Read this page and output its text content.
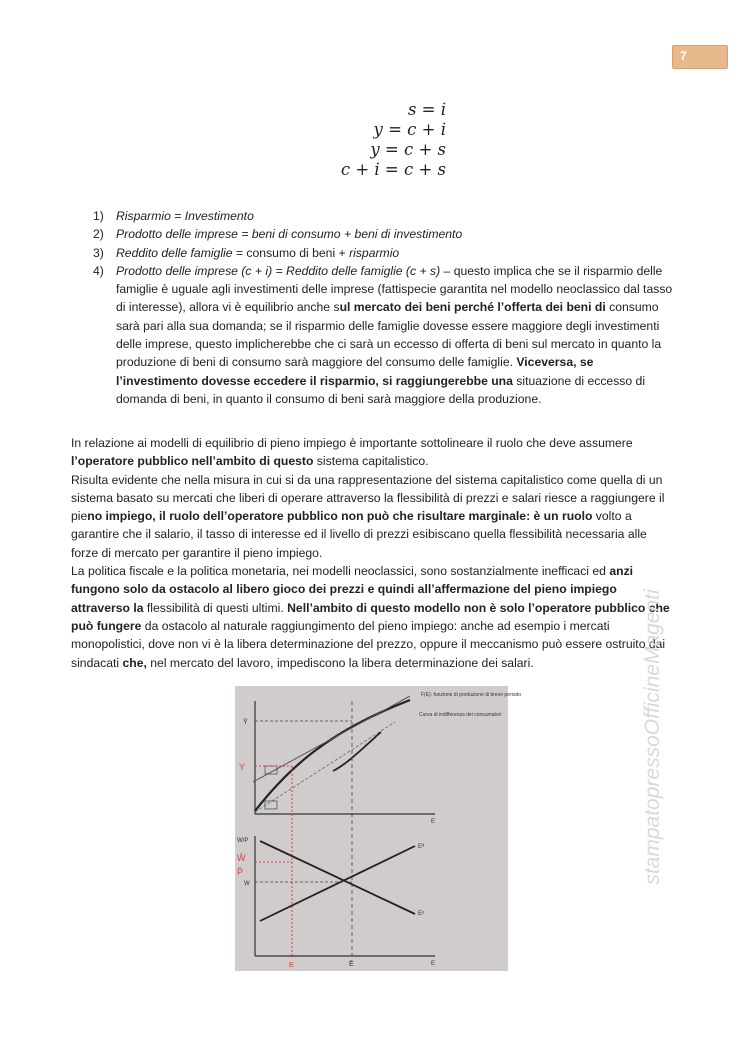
7
s = i
y = c + i
y = c + s
c + i = c + s
1) Risparmio = Investimento
2) Prodotto delle imprese = beni di consumo + beni di investimento
3) Reddito delle famiglie = consumo di beni + risparmio
4) Prodotto delle imprese (c + i) = Reddito delle famiglie (c + s) – questo implica che se il risparmio delle famiglie è uguale agli investimenti delle imprese (fattispecie garantita nel modello neoclassico dal tasso di interesse), allora vi è equilibrio anche sul mercato dei beni perché l’offerta dei beni di consumo sarà pari alla sua domanda; se il risparmio delle famiglie dovesse essere maggiore degli investimenti delle imprese, questo implicherebbe che ci sarà un eccesso di offerta di beni sul mercato in quanto la produzione di beni di consumo sarà maggiore del consumo delle famiglie. Viceversa, se l’investimento dovesse eccedere il risparmio, si raggiungerebbe una situazione di eccesso di domanda di beni, in quanto il consumo di beni sarà maggiore della produzione.

In relazione ai modelli di equilibrio di pieno impiego è importante sottolineare il ruolo che deve assumere l’operatore pubblico nell’ambito di questo sistema capitalistico.

Risulta evidente che nella misura in cui si da una rappresentazione del sistema capitalistico come quella di un sistema basato su mercati che liberi di operare attraverso la flessibilità di prezzi e salari riesce a raggiungere il pieno impiego, il ruolo dell’operatore pubblico non può che risultare marginale: è un ruolo volto a garantire che il salario, il tasso di interesse ed il livello di prezzi esibiscano quella flessibilità necessaria alle forze di mercato per garantire il pieno impiego.

La politica fiscale e la politica monetaria, nei modelli neoclassici, sono sostanzialmente inefficaci ed anzi fungono solo da ostacolo al libero gioco dei prezzi e quindi all’affermazione del pieno impiego attraverso la flessibilità di questi ultimi. Nell’ambito di questo modello non è solo l’operatore pubblico che può fungere da ostacolo al naturale raggiungimento del pieno impiego: anche ad esempio i mercati monopolistici, dove non vi è la libera determinazione del prezzo, oppure il meccanismo può essere ostruito dai sindacati che, nel mercato del lavoro, impediscono la libera determinazione dei salari.	stampatopressoOfficineMagenti
Ȳ
Y
E
F(E): funzione di produzione di breve periodo
Curva di indifferenza dei consumatori
W/P
W̄
P̄
W
Eᵈ
Eᵒ
Ē	E
E
